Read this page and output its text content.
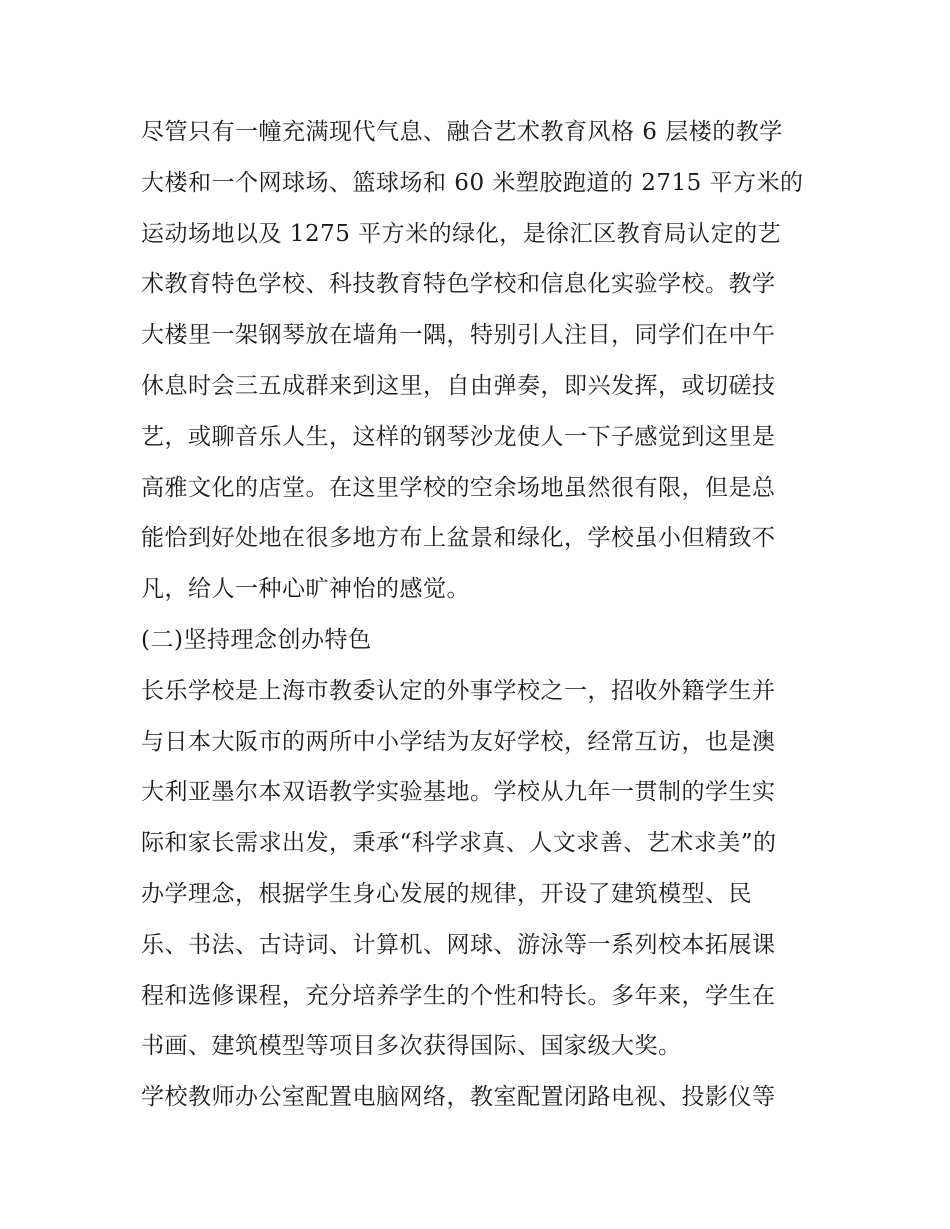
尽管只有一幢充满现代气息、融合艺术教育风格 6 层楼的教学
大楼和一个网球场、篮球场和 60 米塑胶跑道的 2715 平方米的
运动场地以及 1275 平方米的绿化，是徐汇区教育局认定的艺
术教育特色学校、科技教育特色学校和信息化实验学校。教学
大楼里一架钢琴放在墙角一隅，特别引人注目，同学们在中午
休息时会三五成群来到这里，自由弹奏，即兴发挥，或切磋技
艺，或聊音乐人生，这样的钢琴沙龙使人一下子感觉到这里是
高雅文化的店堂。在这里学校的空余场地虽然很有限，但是总
能恰到好处地在很多地方布上盆景和绿化，学校虽小但精致不
凡，给人一种心旷神怡的感觉。
(二)坚持理念创办特色
长乐学校是上海市教委认定的外事学校之一，招收外籍学生并
与日本大阪市的两所中小学结为友好学校，经常互访，也是澳
大利亚墨尔本双语教学实验基地。学校从九年一贯制的学生实
际和家长需求出发，秉承“科学求真、人文求善、艺术求美”的
办学理念，根据学生身心发展的规律，开设了建筑模型、民
乐、书法、古诗词、计算机、网球、游泳等一系列校本拓展课
程和选修课程，充分培养学生的个性和特长。多年来，学生在
书画、建筑模型等项目多次获得国际、国家级大奖。
学校教师办公室配置电脑网络，教室配置闭路电视、投影仪等
